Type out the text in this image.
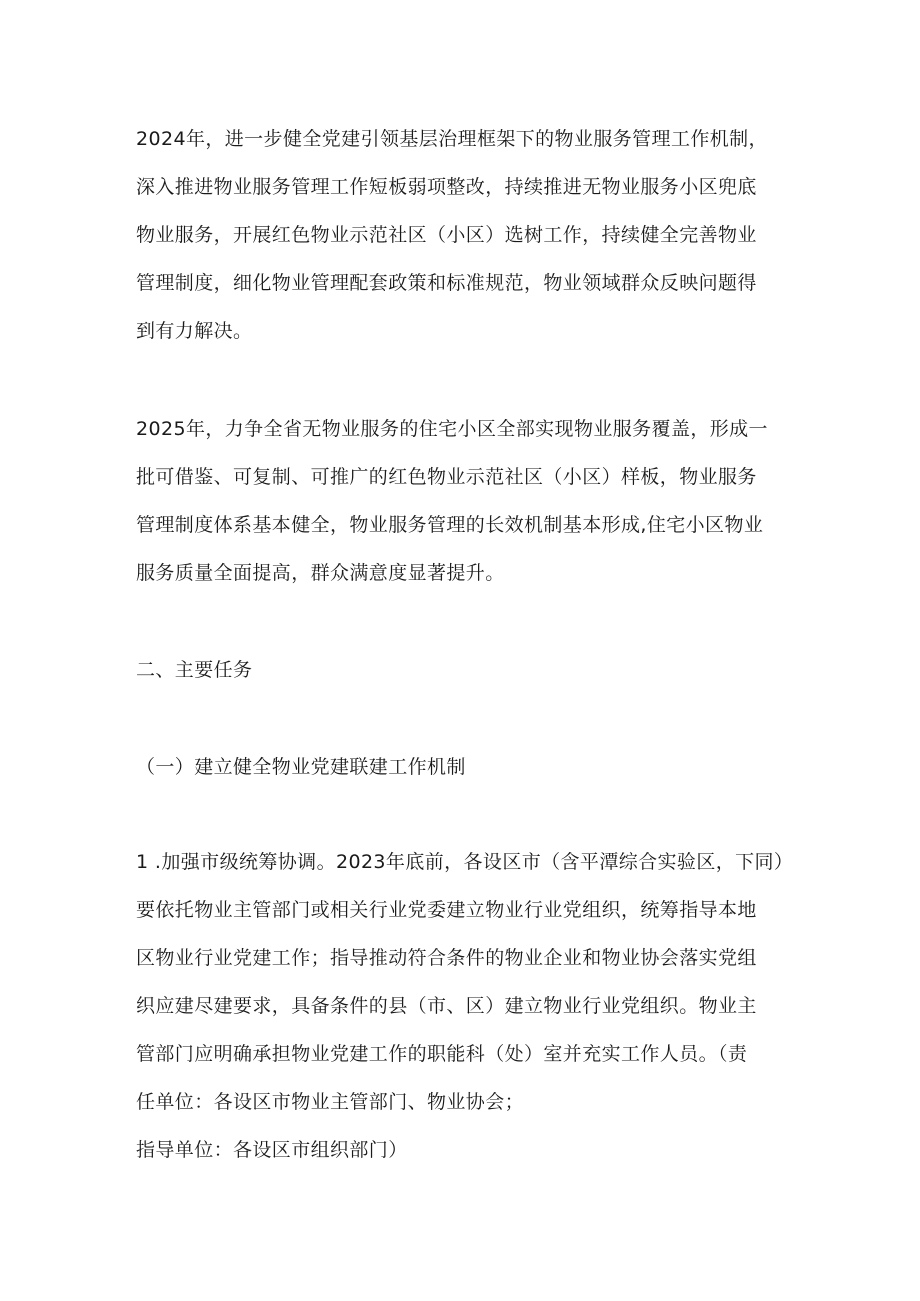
2024年，进一步健全党建引领基层治理框架下的物业服务管理工作机制，
深入推进物业服务管理工作短板弱项整改，持续推进无物业服务小区兜底
物业服务，开展红色物业示范社区（小区）选树工作，持续健全完善物业
管理制度，细化物业管理配套政策和标准规范，物业领域群众反映问题得
到有力解决。
2025年，力争全省无物业服务的住宅小区全部实现物业服务覆盖，形成一
批可借鉴、可复制、可推广的红色物业示范社区（小区）样板，物业服务
管理制度体系基本健全，物业服务管理的长效机制基本形成,住宅小区物业
服务质量全面提高，群众满意度显著提升。
二、主要任务
（一）建立健全物业党建联建工作机制
1 .加强市级统筹协调。2023年底前，各设区市（含平潭综合实验区，下同）
要依托物业主管部门或相关行业党委建立物业行业党组织，统筹指导本地
区物业行业党建工作；指导推动符合条件的物业企业和物业协会落实党组
织应建尽建要求，具备条件的县（市、区）建立物业行业党组织。物业主
管部门应明确承担物业党建工作的职能科（处）室并充实工作人员。（责
任单位：各设区市物业主管部门、物业协会；
指导单位：各设区市组织部门）
